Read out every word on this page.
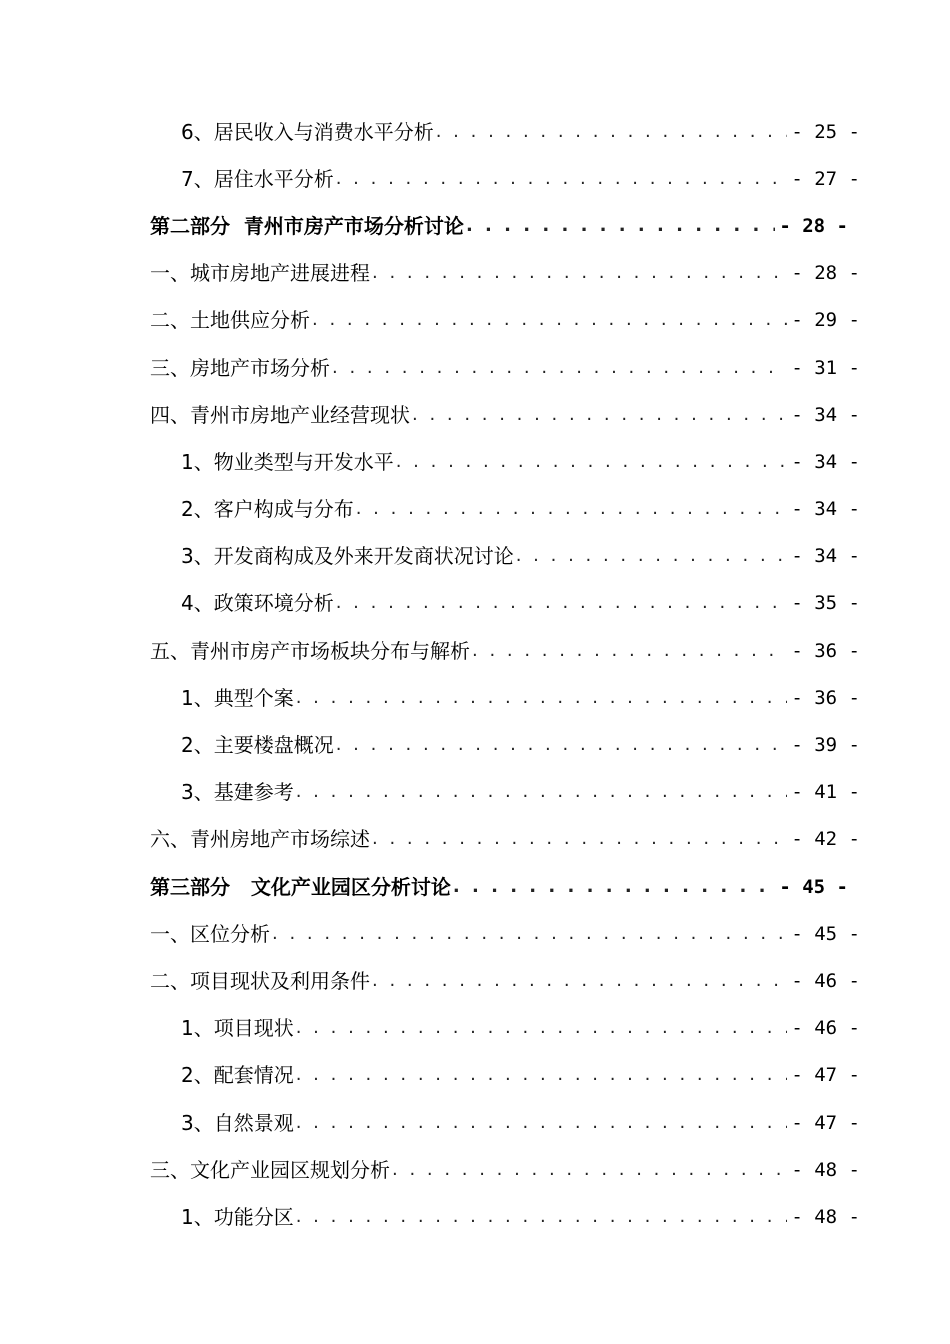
6、居民收入与消费水平分析 . . .	- 25 -
7、居住水平分析 . . .	- 27 -
第二部分  青州市房产市场分析讨论 . . .	- 28 -
一、城市房地产进展进程 . . .	- 28 -
二、土地供应分析 . . .	- 29 -
三、房地产市场分析 . . .	- 31 -
四、青州市房地产业经营现状 . . .	- 34 -
1、物业类型与开发水平 . . .	- 34 -
2、客户构成与分布 . . .	- 34 -
3、开发商构成及外来开发商状况讨论 . . .	- 34 -
4、政策环境分析 . . .	- 35 -
五、青州市房产市场板块分布与解析 . . .	- 36 -
1、典型个案 . . .	- 36 -
2、主要楼盘概况 . . .	- 39 -
3、基建参考 . . .	- 41 -
六、青州房地产市场综述 . . .	- 42 -
第三部分   文化产业园区分析讨论 . . .	- 45 -
一、区位分析 . . .	- 45 -
二、项目现状及利用条件 . . .	- 46 -
1、项目现状 . . .	- 46 -
2、配套情况 . . .	- 47 -
3、自然景观 . . .	- 47 -
三、文化产业园区规划分析 . . .	- 48 -
1、功能分区 . . .	- 48 -
